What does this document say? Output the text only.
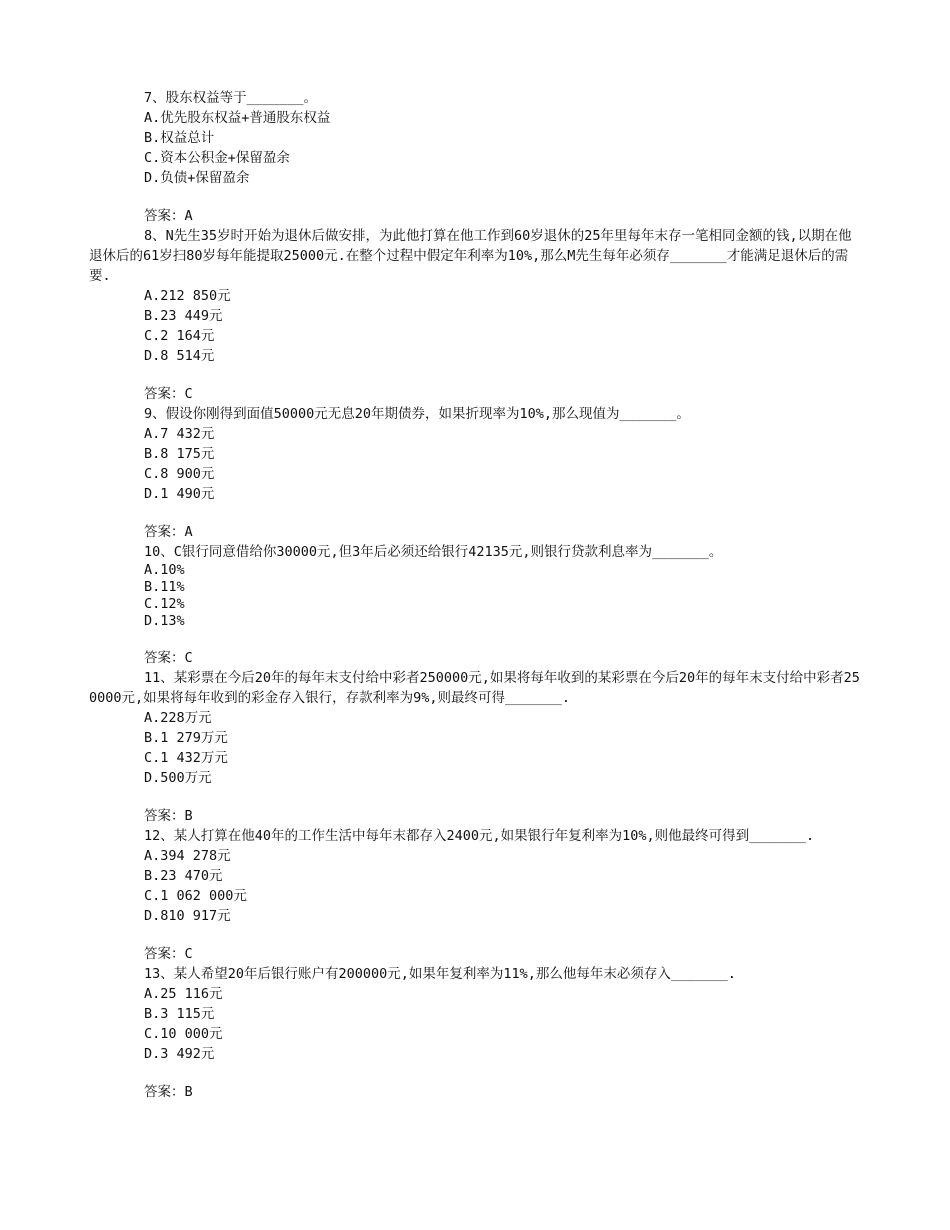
7、股东权益等于_______。
A.优先股东权益+普通股东权益
B.权益总计
C.资本公积金+保留盈余
D.负债+保留盈余
答案：A
8、N先生35岁时开始为退休后做安排，为此他打算在他工作到60岁退休的25年里每年末存一笔相同金额的钱,以期在他退休后的61岁扫80岁每年能提取25000元.在整个过程中假定年利率为10%,那么M先生每年必须存_______才能满足退休后的需要.
A.212 850元
B.23 449元
C.2 164元
D.8 514元
答案：C
9、假设你刚得到面值50000元无息20年期债券，如果折现率为10%,那么现值为_______。
A.7 432元
B.8 175元
C.8 900元
D.1 490元
答案：A
10、C银行同意借给你30000元,但3年后必须还给银行42135元,则银行贷款利息率为_______。
A.10%
B.11%
C.12%
D.13%
答案：C
11、某彩票在今后20年的每年末支付给中彩者250000元,如果将每年收到的某彩票在今后20年的每年末支付给中彩者250000元,如果将每年收到的彩金存入银行，存款利率为9%,则最终可得_______.
A.228万元
B.1 279万元
C.1 432万元
D.500万元
答案：B
12、某人打算在他40年的工作生活中每年末都存入2400元,如果银行年复利率为10%,则他最终可得到_______.
A.394 278元
B.23 470元
C.1 062 000元
D.810 917元
答案：C
13、某人希望20年后银行账户有200000元,如果年复利率为11%,那么他每年末必须存入_______.
A.25 116元
B.3 115元
C.10 000元
D.3 492元
答案：B
